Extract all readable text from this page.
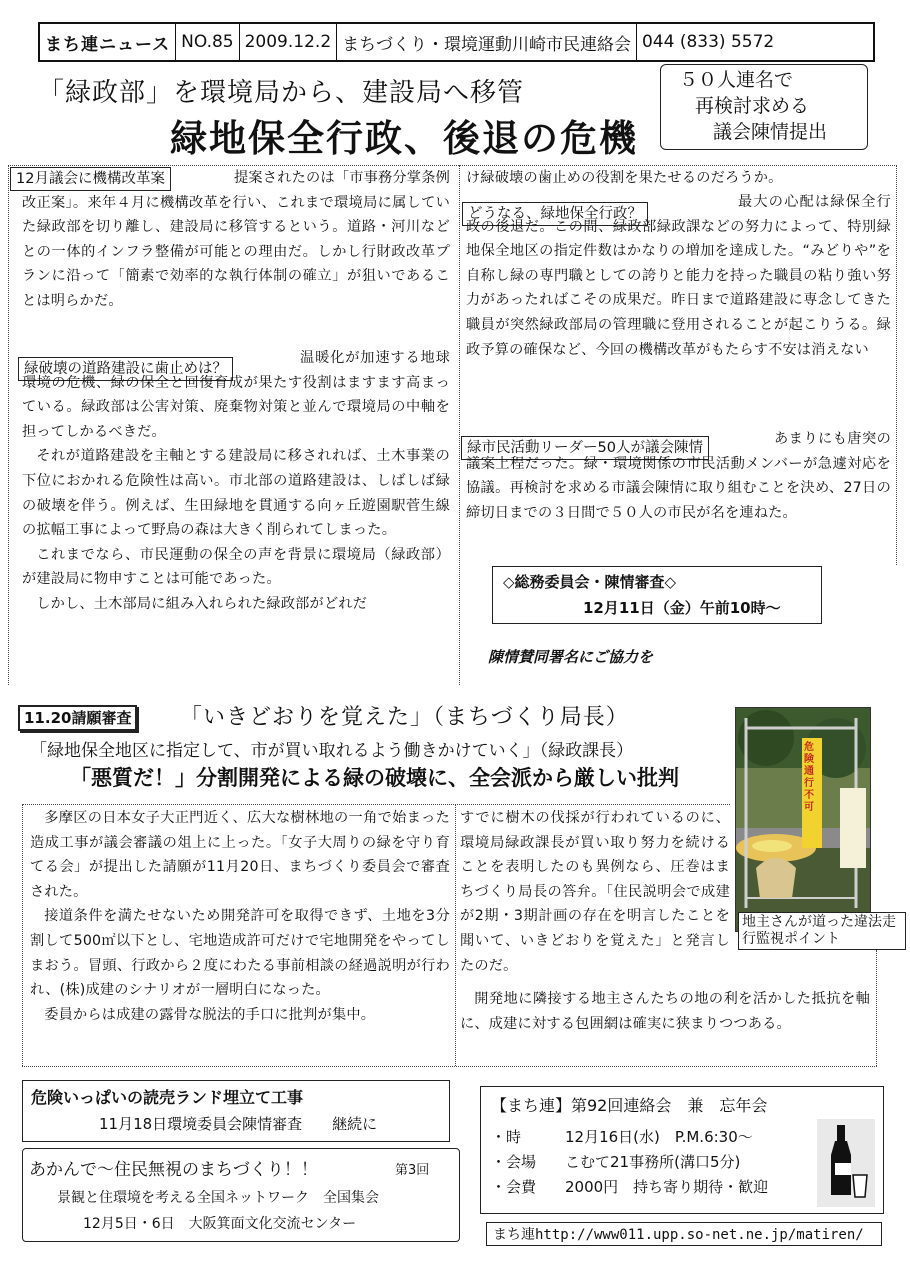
まち連ニュース NO.85 2009.12.2 まちづくり・環境運動川崎市民連絡会 044 (833) 5572
「緑政部」を環境局から、建設局へ移管
緑地保全行政、後退の危機
５０人連名で
再検討求める
議会陳情提出
12月議会に機構改革案	提案されたのは「市事務分掌条例改正案」。来年４月に機構改革を行い、これまで環境局に属していた緑政部を切り離し、建設局に移管するという。道路・河川などとの一体的インフラ整備が可能との理由だ。しかし行財政改革プランに沿って「簡素で効率的な執行体制の確立」が狙いであることは明らかだ。

緑破壊の道路建設に歯止めは？

温暖化が加速する地球環境の危機、緑の保全と回復育成が果たす役割はますます高まっている。緑政部は公害対策、廃棄物対策と並んで環境局の中軸を担ってしかるべきだ。

それが道路建設を主軸とする建設局に移されれば、土木事業の下位におかれる危険性は高い。市北部の道路建設は、しばしば緑の破壊を伴う。例えば、生田緑地を貫通する向ヶ丘遊園駅菅生線の拡幅工事によって野鳥の森は大きく削られてしまった。

これまでなら、市民運動の保全の声を背景に環境局（緑政部）が建設局に物申すことは可能であった。

しかし、土木部局に組み入れられた緑政部がどれだ

け緑破壊の歯止めの役割を果たせるのだろうか。

どうなる、緑地保全行政？

最大の心配は緑保全行政の後退だ。この間、緑政部緑政課などの努力によって、特別緑地保全地区の指定件数はかなりの増加を達成した。“みどりや”を自称し緑の専門職としての誇りと能力を持った職員の粘り強い努力があったればこその成果だ。昨日まで道路建設に専念してきた職員が突然緑政部局の管理職に登用されることが起こりうる。緑政予算の確保など、今回の機構改革がもたらす不安は消えない

緑市民活動リーダー50人が議会陳情

あまりにも唐突の議案上程だった。緑・環境関係の市民活動メンバーが急遽対応を協議。再検討を求める市議会陳情に取り組むことを決め、27日の締切日までの３日間で５０人の市民が名を連ねた。

◇総務委員会・陳情審査◇
12月11日（金）午前10時～
陳情賛同署名にご協力を
11.20請願審査 「いきどおりを覚えた」（まちづくり局長）
「緑地保全地区に指定して、市が買い取れるよう働きかけていく」（緑政課長）
「悪質だ！」分割開発による緑の破壊に、全会派から厳しい批判

多摩区の日本女子大正門近く、広大な樹林地の一角で始まった造成工事が議会審議の俎上に上った。「女子大周りの緑を守り育てる会」が提出した請願が11月20日、まちづくり委員会で審査された。

接道条件を満たせないため開発許可を取得できず、土地を3分割して500㎡以下とし、宅地造成許可だけで宅地開発をやってしまおう。冒頭、行政から２度にわたる事前相談の経過説明が行われ、(株)成建のシナリオが一層明白になった。

委員からは成建の露骨な脱法的手口に批判が集中。

すでに樹木の伐採が行われているのに、環境局緑政課長が買い取り努力を続けることを表明したのも異例なら、圧巻はまちづくり局長の答弁。「住民説明会で成建が2期・3期計画の存在を明言したことを聞いて、いきどおりを覚えた」と発言したのだ。

開発地に隣接する地主さんたちの地の利を活かした抵抗を軸に、成建に対する包囲網は確実に狭まりつつある。

危険通行不可
地主さんが道った違法走行監視ポイント
危険いっぱいの読売ランド埋立て工事
11月18日環境委員会陳情審査　　継続に
あかんで～住民無視のまちづくり！！	第3回
景観と住環境を考える全国ネットワーク　全国集会
12月5日・6日　大阪箕面文化交流センター
【まち連】第92回連絡会　兼　忘年会
・時	12月16日(水)　P.M.6:30～
・会場	こむて21事務所(溝口5分)
・会費	2000円　持ち寄り期待・歓迎
まち連http://www011.upp.so-net.ne.jp/matiren/
